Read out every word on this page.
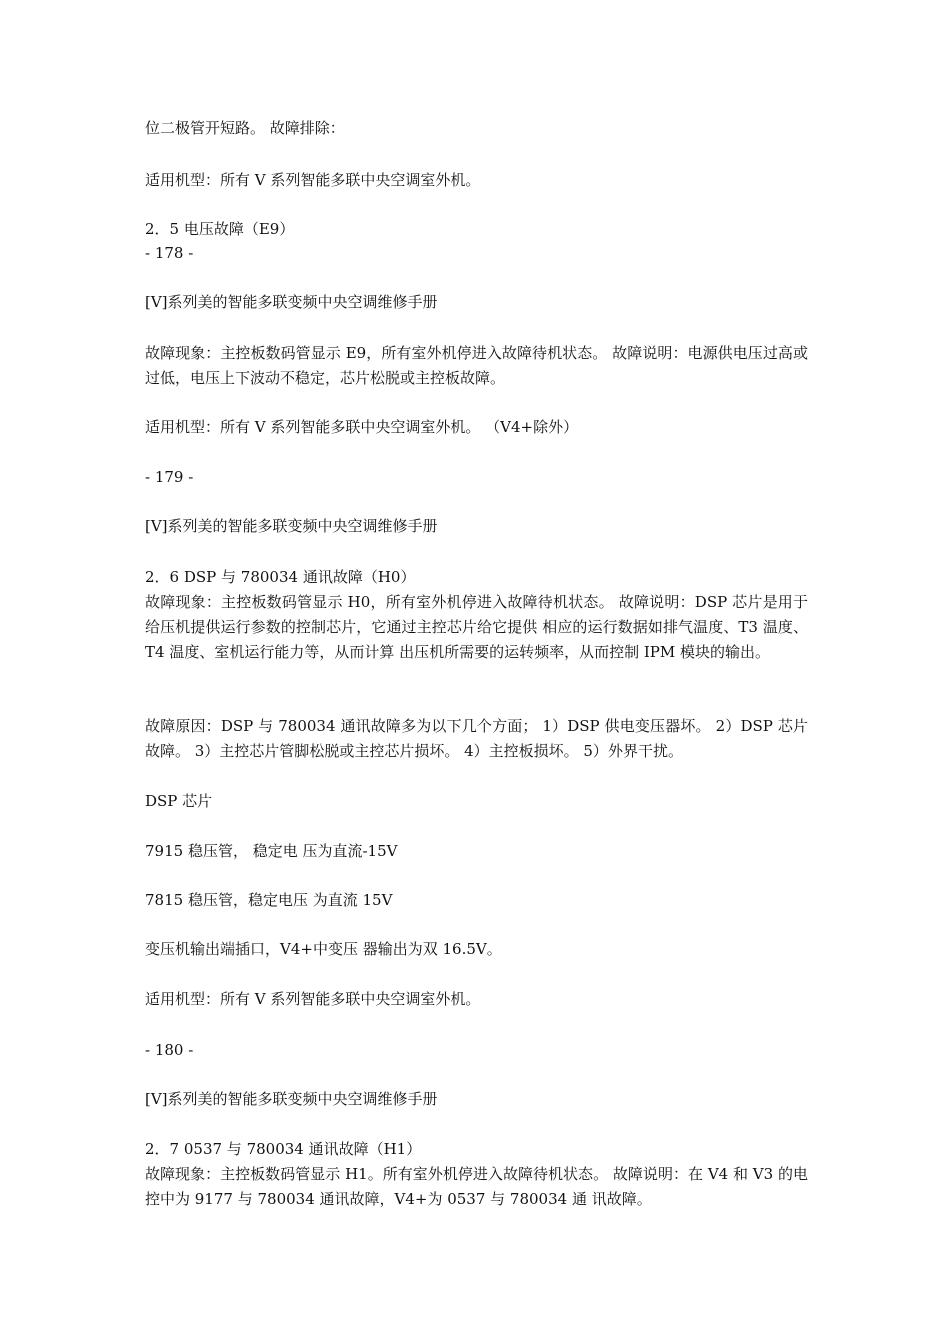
位二极管开短路。 故障排除：
适用机型：所有 V 系列智能多联中央空调室外机。
2．5 电压故障（E9）
- 178 -
[V]系列美的智能多联变频中央空调维修手册
故障现象：主控板数码管显示 E9，所有室外机停进入故障待机状态。 故障说明：电源供电压过高或过低，电压上下波动不稳定，芯片松脱或主控板故障。
适用机型：所有 V 系列智能多联中央空调室外机。 （V4+除外）
- 179 -
[V]系列美的智能多联变频中央空调维修手册
2．6 DSP 与 780034 通讯故障（H0）
故障现象：主控板数码管显示 H0，所有室外机停进入故障待机状态。 故障说明：DSP 芯片是用于给压机提供运行参数的控制芯片，它通过主控芯片给它提供 相应的运行数据如排气温度、T3 温度、T4 温度、室机运行能力等，从而计算 出压机所需要的运转频率，从而控制 IPM 模块的输出。
故障原因：DSP 与 780034 通讯故障多为以下几个方面； 1）DSP 供电变压器坏。 2）DSP 芯片故障。 3）主控芯片管脚松脱或主控芯片损坏。 4）主控板损坏。 5）外界干扰。
DSP 芯片
7915 稳压管， 稳定电 压为直流-15V
7815 稳压管，稳定电压 为直流 15V
变压机输出端插口，V4+中变压 器输出为双 16.5V。
适用机型：所有 V 系列智能多联中央空调室外机。
- 180 -
[V]系列美的智能多联变频中央空调维修手册
2．7 0537 与 780034 通讯故障（H1）
故障现象：主控板数码管显示 H1。所有室外机停进入故障待机状态。 故障说明：在 V4 和 V3 的电控中为 9177 与 780034 通讯故障，V4+为 0537 与 780034 通 讯故障。
